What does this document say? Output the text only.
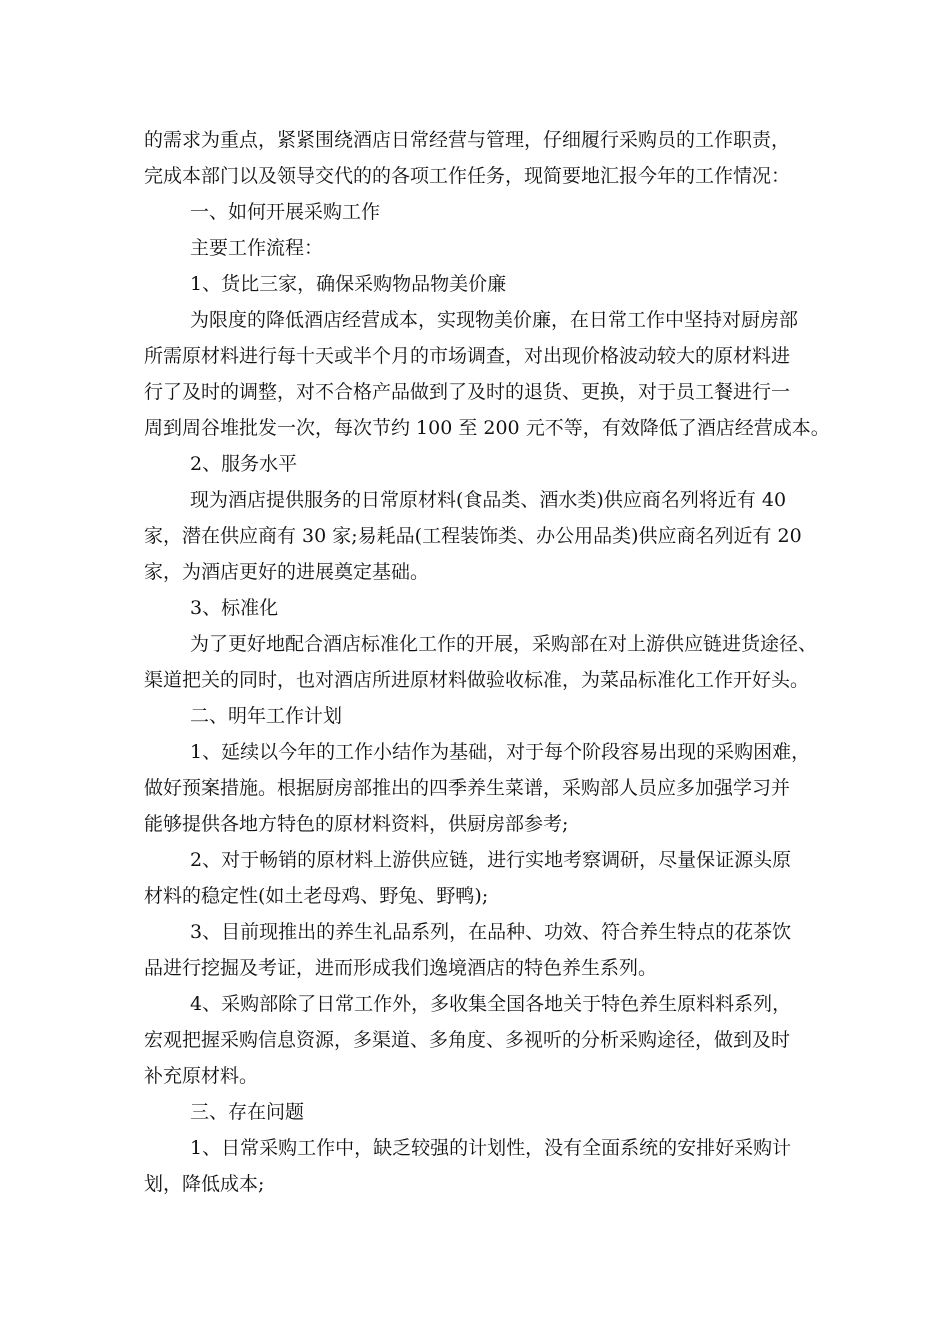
的需求为重点，紧紧围绕酒店日常经营与管理，仔细履行采购员的工作职责，
完成本部门以及领导交代的的各项工作任务，现简要地汇报今年的工作情况：
一、如何开展采购工作
主要工作流程：
1、货比三家，确保采购物品物美价廉
为限度的降低酒店经营成本，实现物美价廉，在日常工作中坚持对厨房部
所需原材料进行每十天或半个月的市场调查，对出现价格波动较大的原材料进
行了及时的调整，对不合格产品做到了及时的退货、更换，对于员工餐进行一
周到周谷堆批发一次，每次节约 100 至 200 元不等，有效降低了酒店经营成本。
2、服务水平
现为酒店提供服务的日常原材料(食品类、酒水类)供应商名列将近有 40
家，潜在供应商有 30 家;易耗品(工程装饰类、办公用品类)供应商名列近有 20
家，为酒店更好的进展奠定基础。
3、标准化
为了更好地配合酒店标准化工作的开展，采购部在对上游供应链进货途径、
渠道把关的同时，也对酒店所进原材料做验收标准，为菜品标准化工作开好头。
二、明年工作计划
1、延续以今年的工作小结作为基础，对于每个阶段容易出现的采购困难，
做好预案措施。根据厨房部推出的四季养生菜谱，采购部人员应多加强学习并
能够提供各地方特色的原材料资料，供厨房部参考;
2、对于畅销的原材料上游供应链，进行实地考察调研，尽量保证源头原
材料的稳定性(如土老母鸡、野兔、野鸭);
3、目前现推出的养生礼品系列，在品种、功效、符合养生特点的花茶饮
品进行挖掘及考证，进而形成我们逸境酒店的特色养生系列。
4、采购部除了日常工作外，多收集全国各地关于特色养生原料料系列，
宏观把握采购信息资源，多渠道、多角度、多视听的分析采购途径，做到及时
补充原材料。
三、存在问题
1、日常采购工作中，缺乏较强的计划性，没有全面系统的安排好采购计
划，降低成本;
